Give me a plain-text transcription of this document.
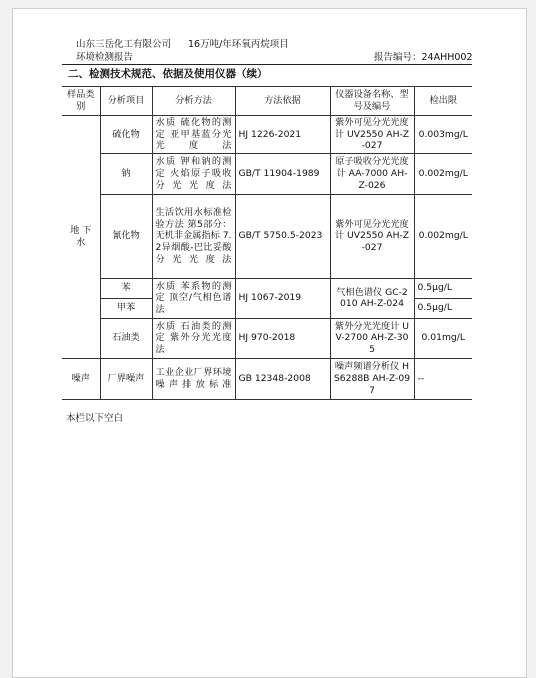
山东三岳化工有限公司 16万吨/年环氧丙烷项目
环境检测报告	报告编号：24AHH002
二、检测技术规范、依据及使用仪器（续）
样品类别	分析项目	分析方法	方法依据	仪器设备名称、型号及编号	检出限
地 下 水	硫化物	水质 硫化物的测定 亚甲基蓝分光光度法	HJ 1226-2021	紫外可见分光光度计 UV2550 AH-Z-027	0.003mg/L
	钠	水质 钾和钠的测定 火焰原子吸收分光光度法	GB/T 11904-1989	原子吸收分光光度计 AA-7000 AH-Z-026	0.002mg/L
	氰化物	生活饮用水标准检验方法 第5部分：无机非金属指标 7.2异烟酸-巴比妥酸分光光度法	GB/T 5750.5-2023	紫外可见分光光度计 UV2550 AH-Z-027	0.002mg/L
	苯	水质 苯系物的测定 顶空/气相色谱法	HJ 1067-2019	气相色谱仪 GC-2010 AH-Z-024	0.5μg/L
	甲苯				0.5μg/L
	石油类	水质 石油类的测定 紫外分光光度法	HJ 970-2018	紫外分光光度计 UV-2700 AH-Z-305	0.01mg/L
噪声	厂界噪声	工业企业厂界环境噪声排放标准	GB 12348-2008	噪声频谱分析仪 HS6288B AH-Z-097	--
本栏以下空白
